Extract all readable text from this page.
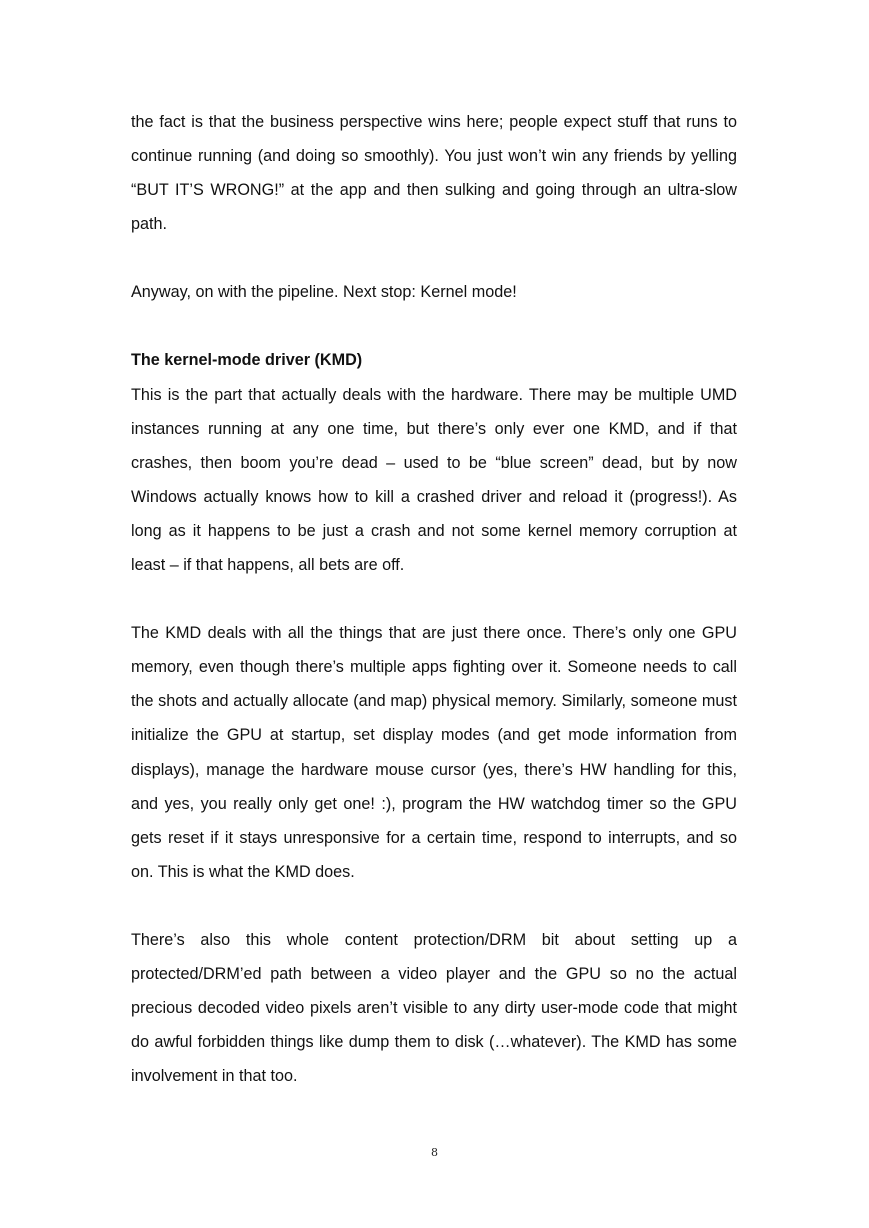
the fact is that the business perspective wins here; people expect stuff that runs to continue running (and doing so smoothly). You just won’t win any friends by yelling “BUT IT’S WRONG!” at the app and then sulking and going through an ultra-slow path.

Anyway, on with the pipeline. Next stop: Kernel mode!

The kernel-mode driver (KMD)

This is the part that actually deals with the hardware. There may be multiple UMD instances running at any one time, but there’s only ever one KMD, and if that crashes, then boom you’re dead – used to be “blue screen” dead, but by now Windows actually knows how to kill a crashed driver and reload it (progress!). As long as it happens to be just a crash and not some kernel memory corruption at least – if that happens, all bets are off.

The KMD deals with all the things that are just there once. There’s only one GPU memory, even though there’s multiple apps fighting over it. Someone needs to call the shots and actually allocate (and map) physical memory. Similarly, someone must initialize the GPU at startup, set display modes (and get mode information from displays), manage the hardware mouse cursor (yes, there’s HW handling for this, and yes, you really only get one! :), program the HW watchdog timer so the GPU gets reset if it stays unresponsive for a certain time, respond to interrupts, and so on. This is what the KMD does.

There’s also this whole content protection/DRM bit about setting up a protected/DRM’ed path between a video player and the GPU so no the actual precious decoded video pixels aren’t visible to any dirty user-mode code that might do awful forbidden things like dump them to disk (…whatever). The KMD has some involvement in that too.

8
